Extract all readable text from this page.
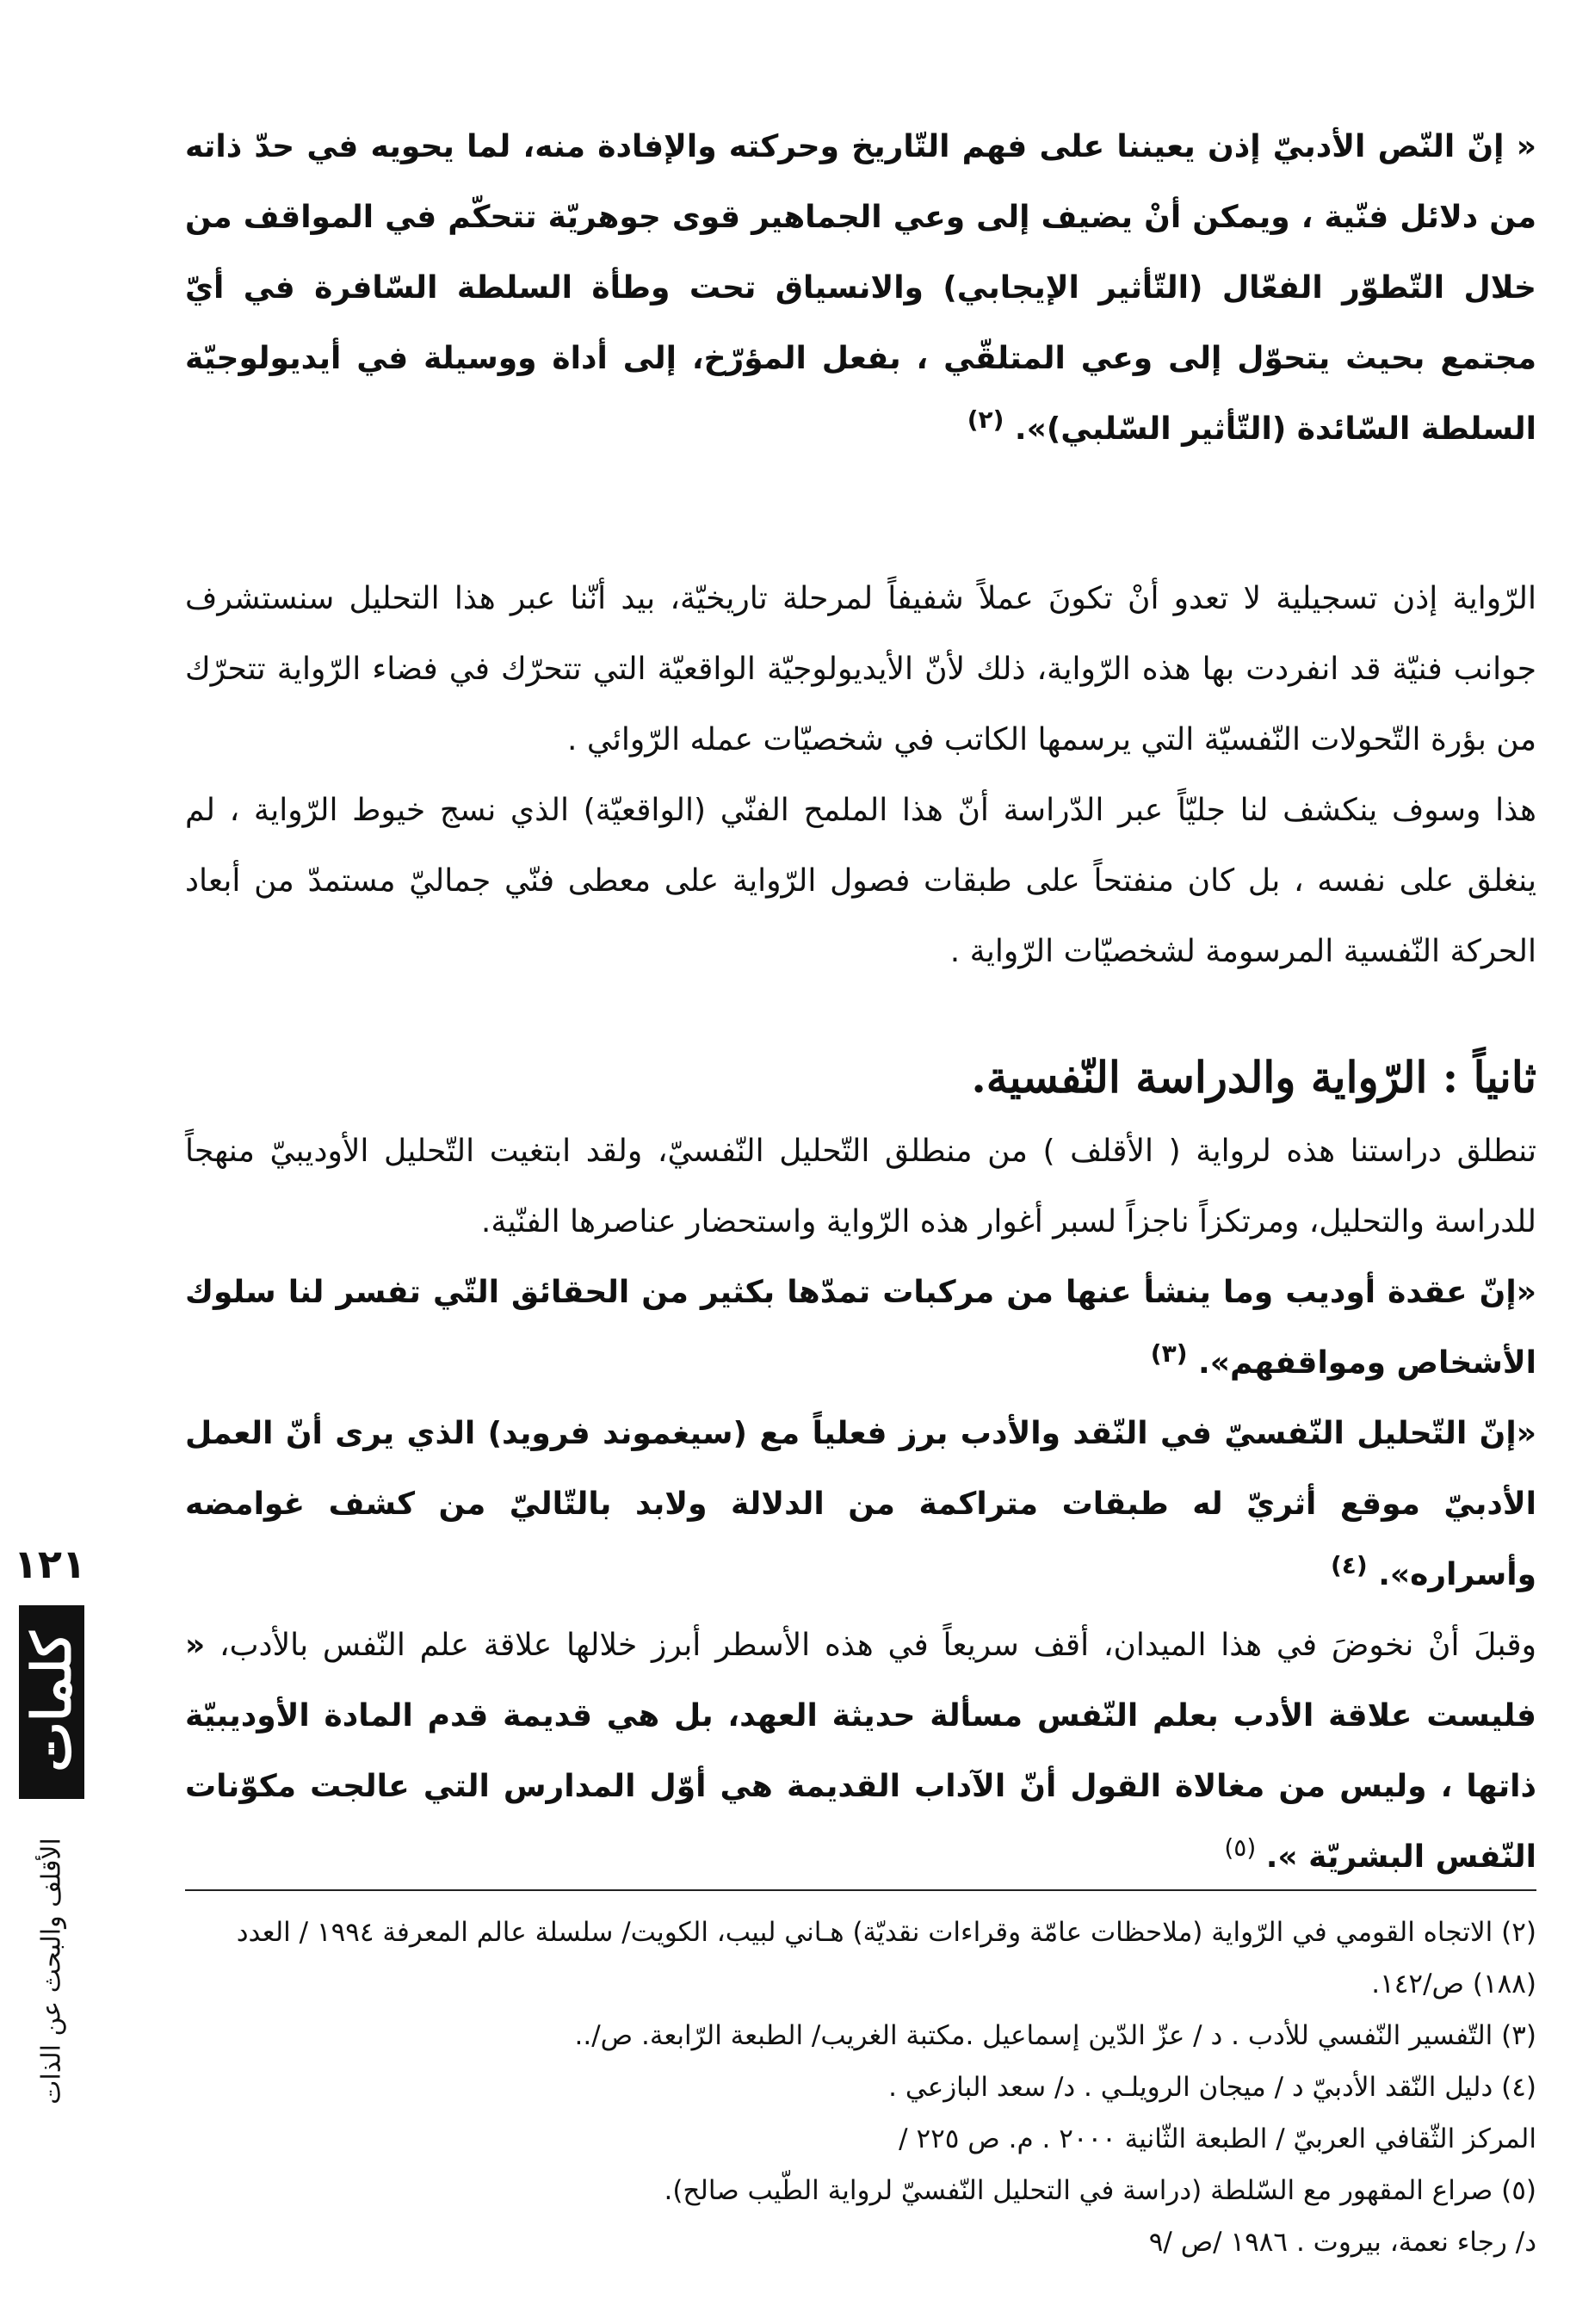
« إنّ النّص الأدبيّ إذن يعيننا على فهم التّاريخ وحركته والإفادة منه، لما يحويه في حدّ ذاته من دلائل فنّية ، ويمكن أنْ يضيف إلى وعي الجماهير قوى جوهريّة تتحكّم في المواقف من خلال التّطوّر الفعّال (التّأثير الإيجابي) والانسياق تحت وطأة السلطة السّافرة في أيّ مجتمع بحيث يتحوّل إلى وعي المتلقّي ، بفعل المؤرّخ، إلى أداة ووسيلة في أيديولوجيّة السلطة السّائدة (التّأثير السّلبي)». $^{(٢)}$

الرّواية إذن تسجيلية لا تعدو أنْ تكونَ عملاً شفيفاً لمرحلة تاريخيّة، بيد أنّنا عبر هذا التحليل سنستشرف جوانب فنيّة قد انفردت بها هذه الرّواية، ذلك لأنّ الأيديولوجيّة الواقعيّة التي تتحرّك في فضاء الرّواية تتحرّك من بؤرة التّحولات النّفسيّة التي يرسمها الكاتب في شخصيّات عمله الرّوائي .

هذا وسوف ينكشف لنا جليّاً عبر الدّراسة أنّ هذا الملمح الفنّي (الواقعيّة) الذي نسج خيوط الرّواية ، لم ينغلق على نفسه ، بل كان منفتحاً على طبقات فصول الرّواية على معطى فنّي جماليّ مستمدّ من أبعاد الحركة النّفسية المرسومة لشخصيّات الرّواية .

ثانياً : الرّواية والدراسة النّفسية.

تنطلق دراستنا هذه لرواية ( الأقلف ) من منطلق التّحليل النّفسيّ، ولقد ابتغيت التّحليل الأوديبيّ منهجاً للدراسة والتحليل، ومرتكزاً ناجزاً لسبر أغوار هذه الرّواية واستحضار عناصرها الفنّية.

«إنّ عقدة أوديب وما ينشأ عنها من مركبات تمدّها بكثير من الحقائق التّي تفسر لنا سلوك الأشخاص ومواقفهم». $^{(٣)}$

«إنّ التّحليل النّفسيّ في النّقد والأدب برز فعلياً مع (سيغموند فرويد) الذي يرى أنّ العمل الأدبيّ موقع أثريّ له طبقات متراكمة من الدلالة ولابد بالتّاليّ من كشف غوامضه وأسراره». $^{(٤)}$

وقبلَ أنْ نخوضَ في هذا الميدان، أقف سريعاً في هذه الأسطر أبرز خلالها علاقة علم النّفس بالأدب، « فليست علاقة الأدب بعلم النّفس مسألة حديثة العهد، بل هي قديمة قدم المادة الأوديبيّة ذاتها ، وليس من مغالاة القول أنّ الآداب القديمة هي أوّل المدارس التي عالجت مكوّنات النّفس البشريّة ». $^{(٥)}$

(٢) الاتجاه القومي في الرّواية (ملاحظات عامّة وقراءات نقديّة) هـاني لبيب، الكويت/ سلسلة عالم المعرفة ١٩٩٤ / العدد (١٨٨) ص/١٤٢.

(٣) التّفسير النّفسي للأدب . د / عزّ الدّين إسماعيل .مكتبة الغريب/ الطبعة الرّابعة. ص/..

(٤) دليل النّقد الأدبيّ د / ميجان الرويلـي . د/ سعد البازعي .

المركز الثّقافي العربيّ / الطبعة الثّانية ٢٠٠٠ . م. ص ٢٢٥ /

(٥) صراع المقهور مع السّلطة (دراسة في التحليل النّفسيّ لرواية الطّيب صالح).

د/ رجاء نعمة، بيروت . ١٩٨٦ /ص /٩

١٢١
كلمات
الأقلف والبحث عن الذات
